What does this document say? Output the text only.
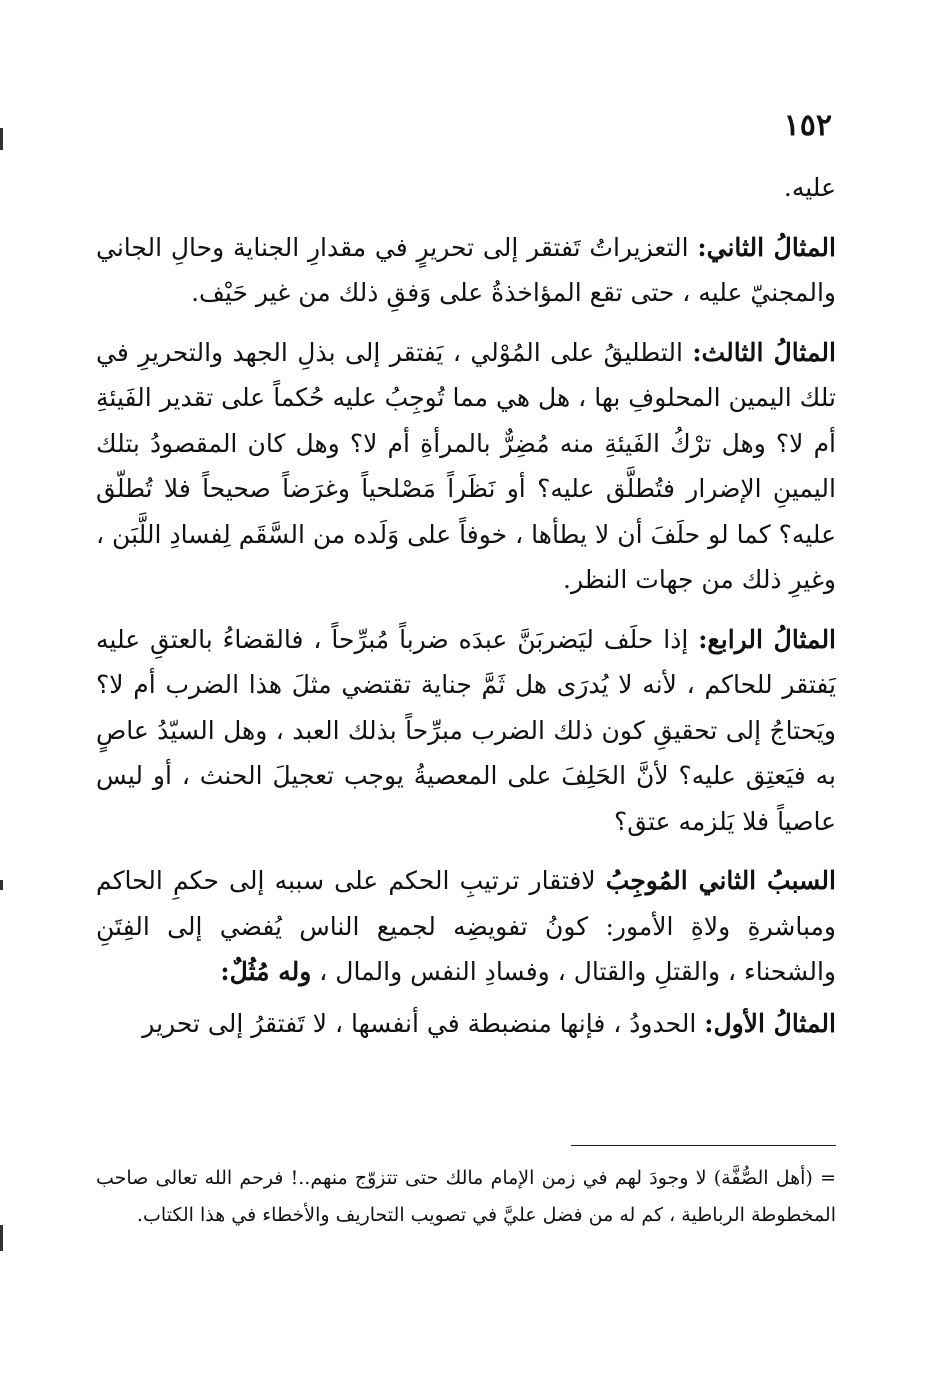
١٥٢

عليه.

المثالُ الثاني: التعزيراتُ تَفتقر إلى تحريرٍ في مقدارِ الجناية وحالِ الجاني والمجنيّ عليه ، حتى تقع المؤاخذةُ على وَفقِ ذلك من غير حَيْف.

المثالُ الثالث: التطليقُ على المُوْلي ، يَفتقر إلى بذلِ الجهد والتحريرِ في تلك اليمين المحلوفِ بها ، هل هي مما تُوجِبُ عليه حُكماً على تقدير الفَيئةِ أم لا؟ وهل ترْكُ الفَيئةِ منه مُضِرٌّ بالمرأةِ أم لا؟ وهل كان المقصودُ بتلك اليمينِ الإضرار فتُطلَّق عليه؟ أو نَظَراً مَصْلحياً وغرَضاً صحيحاً فلا تُطلّق عليه؟ كما لو حلَفَ أن لا يطأها ، خوفاً على وَلَده من السَّقَم لِفسادِ اللَّبَن ، وغيرِ ذلك من جهات النظر.

المثالُ الرابع: إذا حلَف ليَضربَنَّ عبدَه ضرباً مُبرِّحاً ، فالقضاءُ بالعتقِ عليه يَفتقر للحاكم ، لأنه لا يُدرَى هل ثَمَّ جناية تقتضي مثلَ هذا الضرب أم لا؟ ويَحتاجُ إلى تحقيقِ كون ذلك الضرب مبرِّحاً بذلك العبد ، وهل السيّدُ عاصٍ به فيَعتِق عليه؟ لأنَّ الحَلِفَ على المعصيةُ يوجب تعجيلَ الحنث ، أو ليس عاصياً فلا يَلزمه عتق؟

السببُ الثاني المُوجِبُ لافتقار ترتيبِ الحكم على سببه إلى حكمِ الحاكم ومباشرةِ ولاةِ الأمور: كونُ تفويضِه لجميع الناس يُفضي إلى الفِتَنِ والشحناء ، والقتلِ والقتال ، وفسادِ النفس والمال ، وله مُثُلٌ:

المثالُ الأول: الحدودُ ، فإنها منضبطة في أنفسها ، لا تَفتقرُ إلى تحرير

= (أهل الصُّفَّة) لا وجودَ لهم في زمن الإمام مالك حتى تتزوّج منهم..! فرحم الله تعالى صاحب المخطوطة الرباطية ، كم له من فضل عليَّ في تصويب التحاريف والأخطاء في هذا الكتاب.
